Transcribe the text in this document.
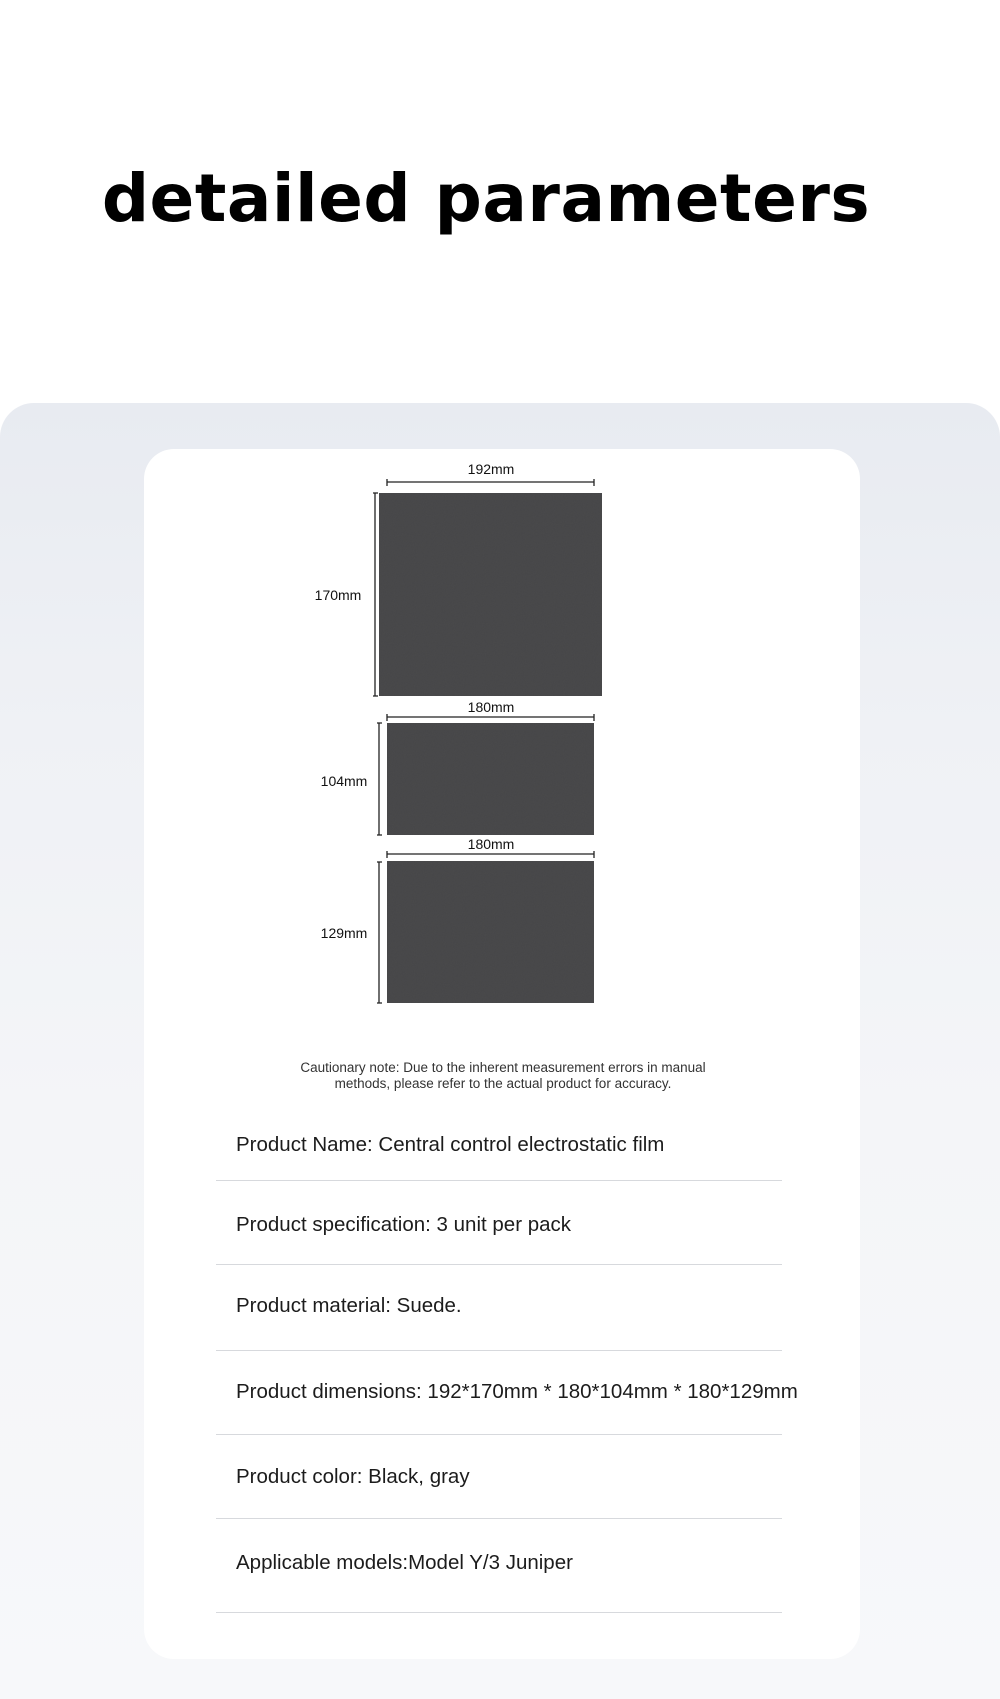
detailed parameters
192mm
170mm
180mm
104mm
180mm
129mm
Cautionary note: Due to the inherent measurement errors in manual
methods, please refer to the actual product for accuracy.
Product Name: Central control electrostatic film
Product specification: 3 unit per pack
Product material: Suede.
Product dimensions: 192*170mm * 180*104mm * 180*129mm
Product color: Black, gray
Applicable models:Model Y/3 Juniper
